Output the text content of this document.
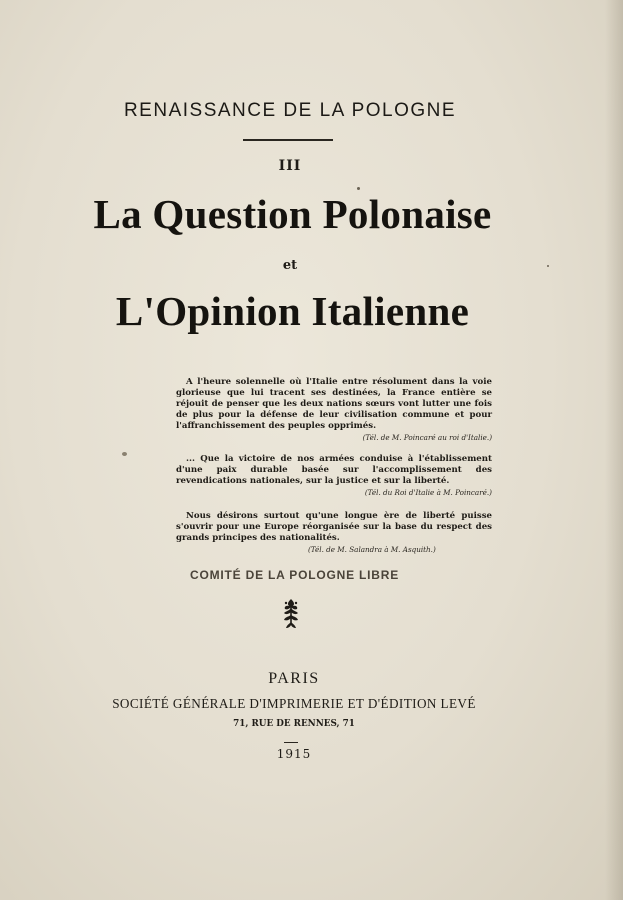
RENAISSANCE DE LA POLOGNE
III
La Question Polonaise
et
L'Opinion Italienne
A l'heure solennelle où l'Italie entre résolument dans la voie glorieuse que lui tracent ses destinées, la France entière se réjouit de penser que les deux nations sœurs vont lutter une fois de plus pour la défense de leur civilisation commune et pour l'affranchissement des peuples opprimés.
(Tél. de M. Poincaré au roi d'Italie.)
... Que la victoire de nos armées conduise à l'établissement d'une paix durable basée sur l'accomplissement des revendications nationales, sur la justice et sur la liberté.
(Tél. du Roi d'Italie à M. Poincaré.)
Nous désirons surtout qu'une longue ère de liberté puisse s'ouvrir pour une Europe réorganisée sur la base du respect des grands principes des nationalités.
(Tél. de M. Salandra à M. Asquith.)
COMITÉ DE LA POLOGNE LIBRE
PARIS
SOCIÉTÉ GÉNÉRALE D'IMPRIMERIE ET D'ÉDITION LEVÉ
71, RUE DE RENNES, 71
1915
